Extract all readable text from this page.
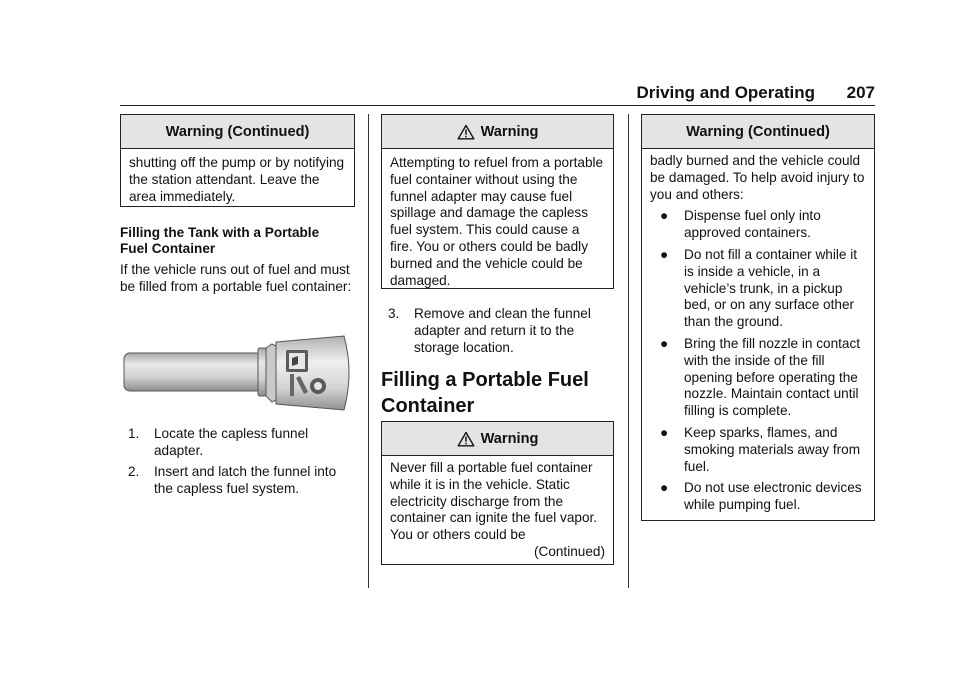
Driving and Operating 207
Warning (Continued)
shutting off the pump or by notifying the station attendant. Leave the area immediately.
Filling the Tank with a Portable Fuel Container
If the vehicle runs out of fuel and must be filled from a portable fuel container:
1. Locate the capless funnel adapter.
2. Insert and latch the funnel into the capless fuel system.
Warning
Attempting to refuel from a portable fuel container without using the funnel adapter may cause fuel spillage and damage the capless fuel system. This could cause a fire. You or others could be badly burned and the vehicle could be damaged.
3. Remove and clean the funnel adapter and return it to the storage location.
Filling a Portable Fuel Container
Warning
Never fill a portable fuel container while it is in the vehicle. Static electricity discharge from the container can ignite the fuel vapor. You or others could be
(Continued)
Warning (Continued)
badly burned and the vehicle could be damaged. To help avoid injury to you and others:
● Dispense fuel only into approved containers.
● Do not fill a container while it is inside a vehicle, in a vehicle’s trunk, in a pickup bed, or on any surface other than the ground.
● Bring the fill nozzle in contact with the inside of the fill opening before operating the nozzle. Maintain contact until filling is complete.
● Keep sparks, flames, and smoking materials away from fuel.
● Do not use electronic devices while pumping fuel.
